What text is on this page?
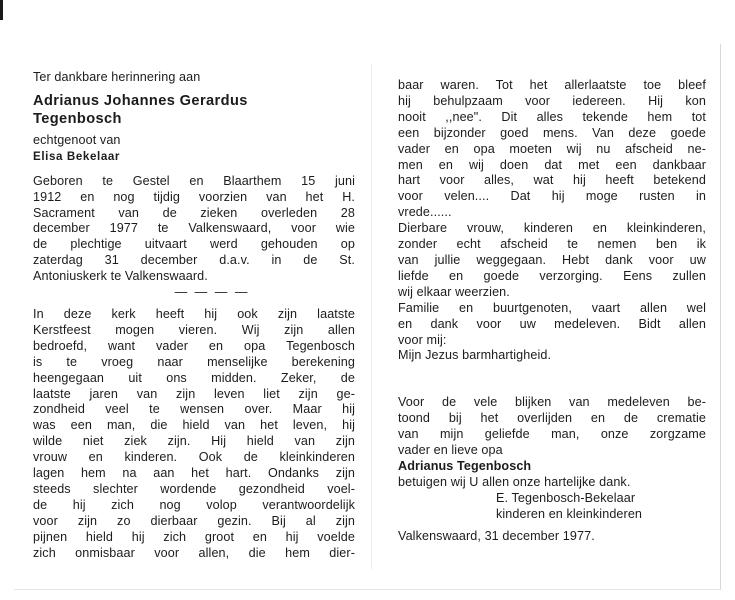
Ter dankbare herinnering aan
Adrianus Johannes Gerardus
Tegenbosch
echtgenoot van
Elisa Bekelaar
Geboren te Gestel en Blaarthem 15 juni
1912 en nog tijdig voorzien van het H.
Sacrament van de zieken overleden 28
december 1977 te Valkenswaard, voor wie
de plechtige uitvaart werd gehouden op
zaterdag 31 december d.a.v. in de St.
Antoniuskerk te Valkenswaard.
— — — —
In deze kerk heeft hij ook zijn laatste
Kerstfeest mogen vieren. Wij zijn allen
bedroefd, want vader en opa Tegenbosch
is te vroeg naar menselijke berekening
heengegaan uit ons midden. Zeker, de
laatste jaren van zijn leven liet zijn ge-
zondheid veel te wensen over. Maar hij
was een man, die hield van het leven, hij
wilde niet ziek zijn. Hij hield van zijn
vrouw en kinderen. Ook de kleinkinderen
lagen hem na aan het hart. Ondanks zijn
steeds slechter wordende gezondheid voel-
de hij zich nog volop verantwoordelijk
voor zijn zo dierbaar gezin. Bij al zijn
pijnen hield hij zich groot en hij voelde
zich onmisbaar voor allen, die hem dier-
baar waren. Tot het allerlaatste toe bleef
hij behulpzaam voor iedereen. Hij kon
nooit ,,nee". Dit alles tekende hem tot
een bijzonder goed mens. Van deze goede
vader en opa moeten wij nu afscheid ne-
men en wij doen dat met een dankbaar
hart voor alles, wat hij heeft betekend
voor velen.... Dat hij moge rusten in
vrede......
Dierbare vrouw, kinderen en kleinkinderen,
zonder echt afscheid te nemen ben ik
van jullie weggegaan. Hebt dank voor uw
liefde en goede verzorging. Eens zullen
wij elkaar weerzien.
Familie en buurtgenoten, vaart allen wel
en dank voor uw medeleven. Bidt allen
voor mij:
Mijn Jezus barmhartigheid.
Voor de vele blijken van medeleven be-
toond bij het overlijden en de crematie
van mijn geliefde man, onze zorgzame
vader en lieve opa
Adrianus Tegenbosch
betuigen wij U allen onze hartelijke dank.
E. Tegenbosch-Bekelaar
kinderen en kleinkinderen
Valkenswaard, 31 december 1977.
